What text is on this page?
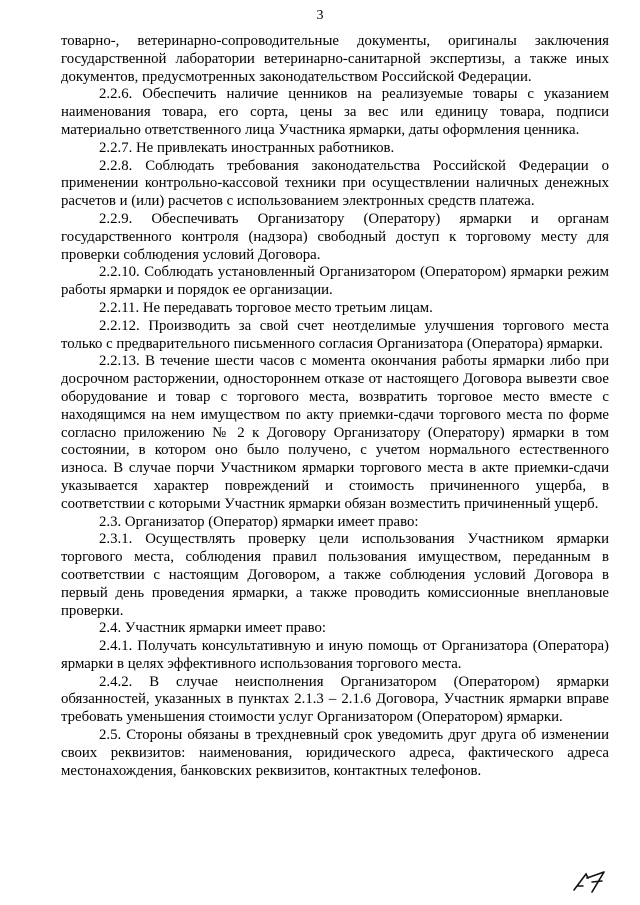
3

товарно-, ветеринарно-сопроводительные документы, оригиналы заключения государственной лаборатории ветеринарно-санитарной экспертизы, а также иных документов, предусмотренных законодательством Российской Федерации.

2.2.6. Обеспечить наличие ценников на реализуемые товары с указанием наименования товара, его сорта, цены за вес или единицу товара, подписи материально ответственного лица Участника ярмарки, даты оформления ценника.

2.2.7. Не привлекать иностранных работников.

2.2.8. Соблюдать требования законодательства Российской Федерации о применении контрольно-кассовой техники при осуществлении наличных денежных расчетов и (или) расчетов с использованием электронных средств платежа.

2.2.9. Обеспечивать Организатору (Оператору) ярмарки и органам государственного контроля (надзора) свободный доступ к торговому месту для проверки соблюдения условий Договора.

2.2.10. Соблюдать установленный Организатором (Оператором) ярмарки режим работы ярмарки и порядок ее организации.

2.2.11. Не передавать торговое место третьим лицам.

2.2.12. Производить за свой счет неотделимые улучшения торгового места только с предварительного письменного согласия Организатора (Оператора) ярмарки.

2.2.13. В течение шести часов с момента окончания работы ярмарки либо при досрочном расторжении, одностороннем отказе от настоящего Договора вывезти свое оборудование и товар с торгового места, возвратить торговое место вместе с находящимся на нем имуществом по акту приемки-сдачи торгового места по форме согласно приложению № 2 к Договору Организатору (Оператору) ярмарки в том состоянии, в котором оно было получено, с учетом нормального естественного износа. В случае порчи Участником ярмарки торгового места в акте приемки-сдачи указывается характер повреждений и стоимость причиненного ущерба, в соответствии с которыми Участник ярмарки обязан возместить причиненный ущерб.

2.3. Организатор (Оператор) ярмарки имеет право:

2.3.1. Осуществлять проверку цели использования Участником ярмарки торгового места, соблюдения правил пользования имуществом, переданным в соответствии с настоящим Договором, а также соблюдения условий Договора в первый день проведения ярмарки, а также проводить комиссионные внеплановые проверки.

2.4. Участник ярмарки имеет право:

2.4.1. Получать консультативную и иную помощь от Организатора (Оператора) ярмарки в целях эффективного использования торгового места.

2.4.2. В случае неисполнения Организатором (Оператором) ярмарки обязанностей, указанных в пунктах 2.1.3 – 2.1.6 Договора, Участник ярмарки вправе требовать уменьшения стоимости услуг Организатором (Оператором) ярмарки.

2.5. Стороны обязаны в трехдневный срок уведомить друг друга об изменении своих реквизитов: наименования, юридического адреса, фактического адреса местонахождения, банковских реквизитов, контактных телефонов.
